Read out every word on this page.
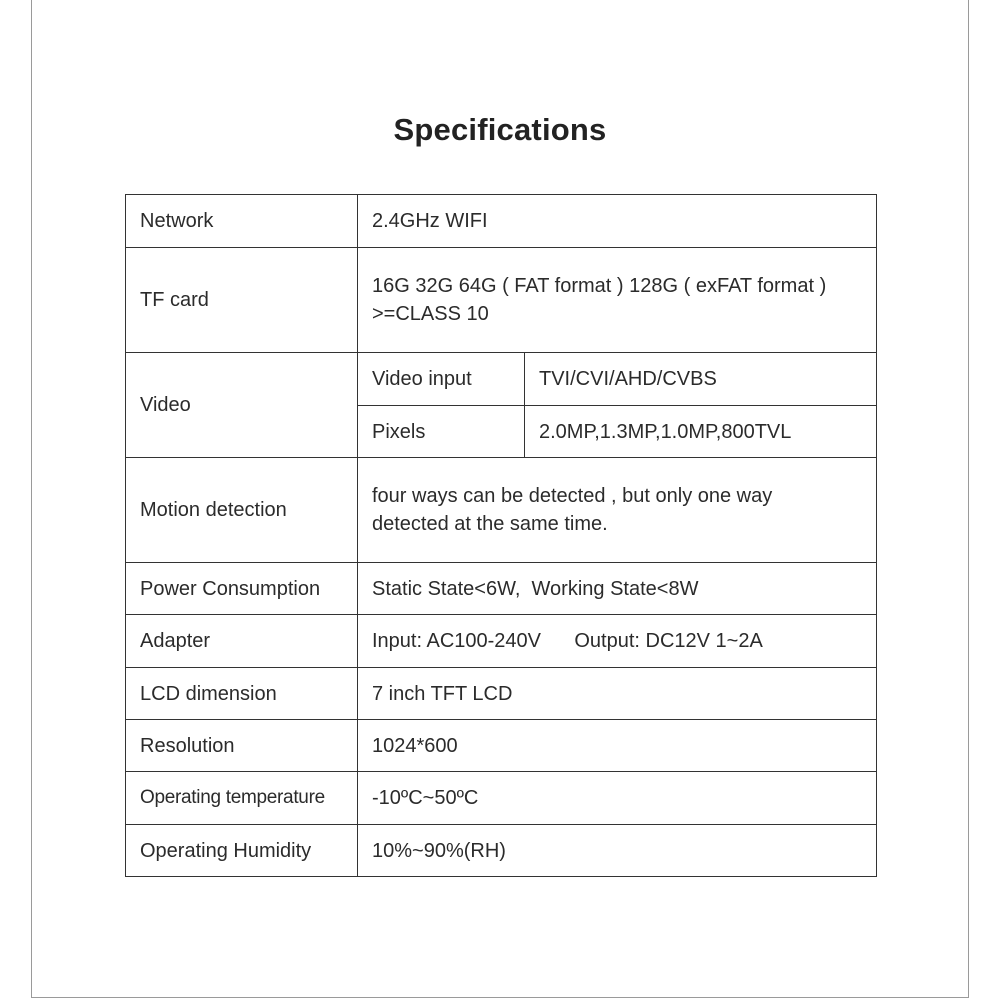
Specifications
Network	2.4GHz WIFI	
TF card	16G 32G 64G ( FAT format ) 128G ( exFAT format )
>=CLASS 10	

Video	Video input	TVI/CVI/AHD/CVBS
	Pixels	2.0MP,1.3MP,1.0MP,800TVL
Motion detection	four ways can be detected , but only one way
detected at the same time.	

Power Consumption	Static State<6W,  Working State<8W	
Adapter	Input: AC100-240V      Output: DC12V 1~2A	
LCD dimension	7 inch TFT LCD	
Resolution	1024*600	
Operating temperature	-10ºC~50ºC	
Operating Humidity	10%~90%(RH)	
